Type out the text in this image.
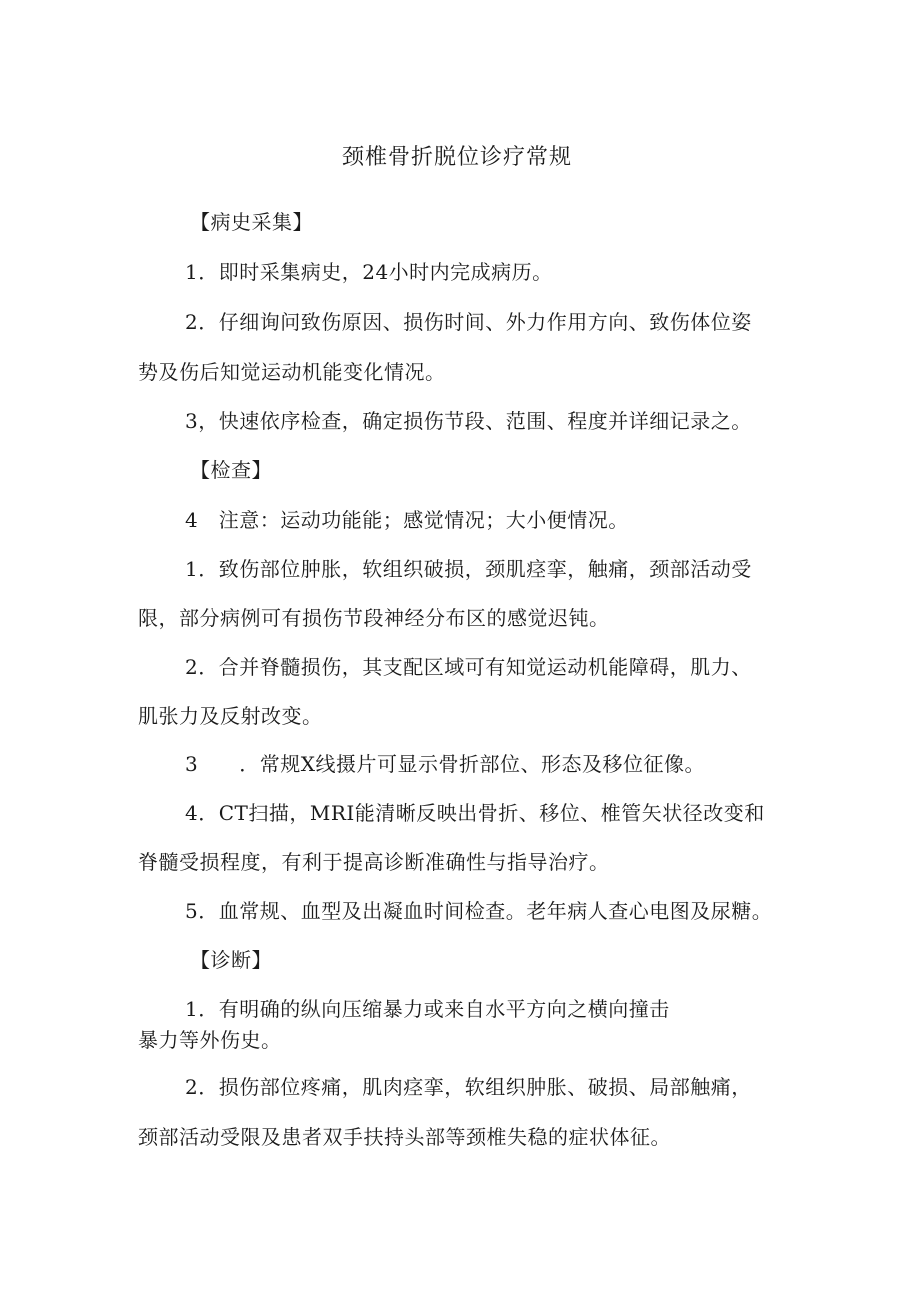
颈椎骨折脱位诊疗常规
【病史采集】
1．即时采集病史，24小时内完成病历。
2．仔细询问致伤原因、损伤时间、外力作用方向、致伤体位姿
势及伤后知觉运动机能变化情况。
3，快速依序检查，确定损伤节段、范围、程度并详细记录之。
【检查】
4　注意：运动功能能；感觉情况；大小便情况。
1．致伤部位肿胀，软组织破损，颈肌痉挛，触痛，颈部活动受
限，部分病例可有损伤节段神经分布区的感觉迟钝。
2．合并脊髓损伤，其支配区域可有知觉运动机能障碍，肌力、
肌张力及反射改变。
3　　．常规X线摄片可显示骨折部位、形态及移位征像。
4．CT扫描，MRI能清晰反映出骨折、移位、椎管矢状径改变和
脊髓受损程度，有利于提高诊断准确性与指导治疗。
5．血常规、血型及出凝血时间检查。老年病人查心电图及尿糖。
【诊断】
1．有明确的纵向压缩暴力或来自水平方向之横向撞击
暴力等外伤史。
2．损伤部位疼痛，肌肉痉挛，软组织肿胀、破损、局部触痛，
颈部活动受限及患者双手扶持头部等颈椎失稳的症状体征。
